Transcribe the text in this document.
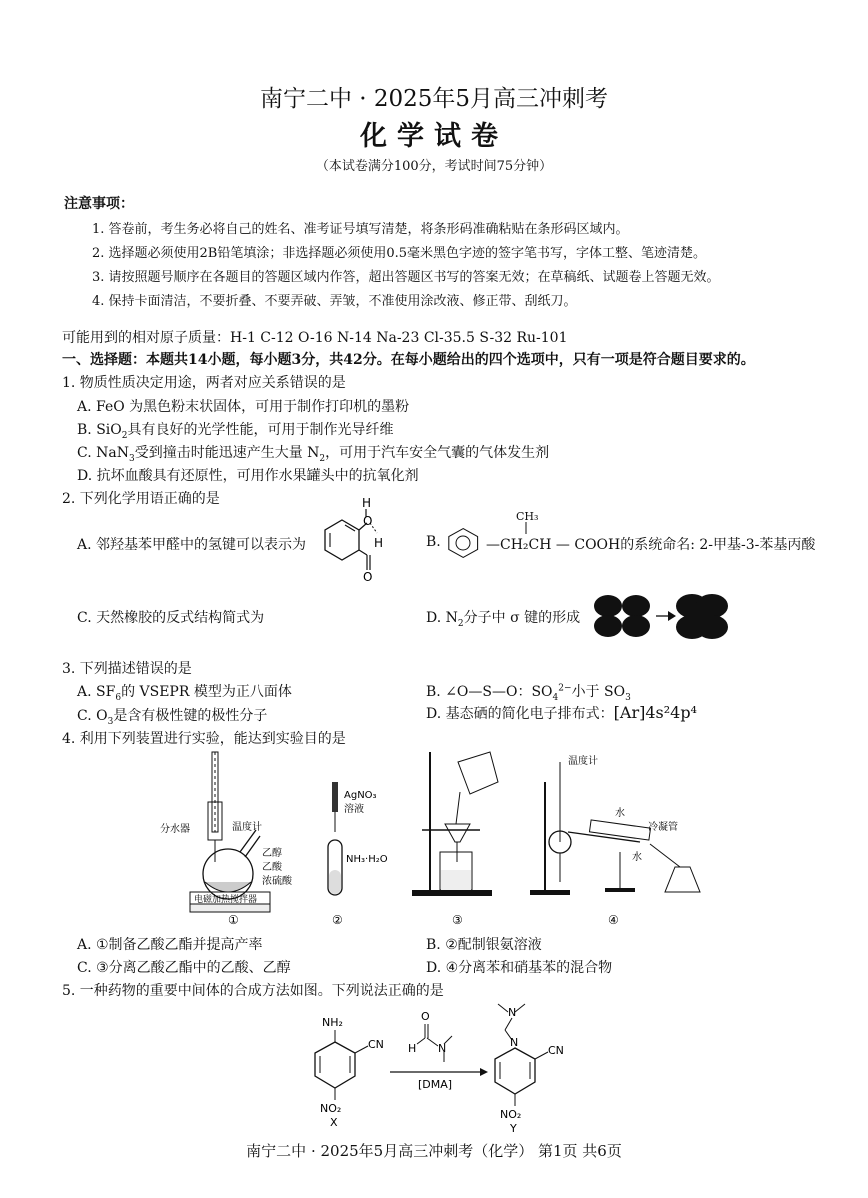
南宁二中 · 2025年5月高三冲刺考
化学试卷
（本试卷满分100分，考试时间75分钟）
注意事项：
1. 答卷前，考生务必将自己的姓名、准考证号填写清楚，将条形码准确粘贴在条形码区域内。
2. 选择题必须使用2B铅笔填涂；非选择题必须使用0.5毫米黑色字迹的签字笔书写，字体工整、笔迹清楚。
3. 请按照题号顺序在各题目的答题区域内作答，超出答题区书写的答案无效；在草稿纸、试题卷上答题无效。
4. 保持卡面清洁，不要折叠、不要弄破、弄皱，不准使用涂改液、修正带、刮纸刀。
可能用到的相对原子质量：H-1 C-12 O-16 N-14 Na-23 Cl-35.5 S-32 Ru-101
一、选择题：本题共14小题，每小题3分，共42分。在每小题给出的四个选项中，只有一项是符合题目要求的。
1. 物质性质决定用途，两者对应关系错误的是
A. FeO 为黑色粉末状固体，可用于制作打印机的墨粉
B. SiO$_2$具有良好的光学性能，可用于制作光导纤维
C. NaN$_3$受到撞击时能迅速产生大量 $N_2$，可用于汽车安全气囊的气体发生剂
D. 抗坏血酸具有还原性，可用作水果罐头中的抗氧化剂
2. 下列化学用语正确的是
A. 邻羟基苯甲醛中的氢键可以表示为
H
O
H
O
B.	—CH₂CH — COOH的系统命名: 2-甲基-3-苯基丙酸
CH₃
C. 天然橡胶的反式结构简式为	D. $N_2$分子中 σ 键的形成
3. 下列描述错误的是
A. $SF_6$的 VSEPR 模型为正八面体	B. ∠O—S—O：$SO_4^{2-}$小于 $SO_3$
C. $O_3$是含有极性键的极性分子	D. 基态硒的简化电子排布式：[Ar]4s²4p⁴
4. 利用下列装置进行实验，能达到实验目的是
分水器	温度计
乙醇
乙酸
浓硫酸
电磁加热搅拌器
①
AgNO₃
溶液
NH₃·H₂O
②	③
温度计
水
冷凝管
水
④
A. ①制备乙酸乙酯并提高产率	B. ②配制银氨溶液
C. ③分离乙酸乙酯中的乙酸、乙醇	D. ④分离苯和硝基苯的混合物
5. 一种药物的重要中间体的合成方法如图。下列说法正确的是
NH₂
CN
NO₂
X
H
O
N
[DMA]
N
N
CN
NO₂
Y
南宁二中 · 2025年5月高三冲刺考（化学） 第1页 共6页
